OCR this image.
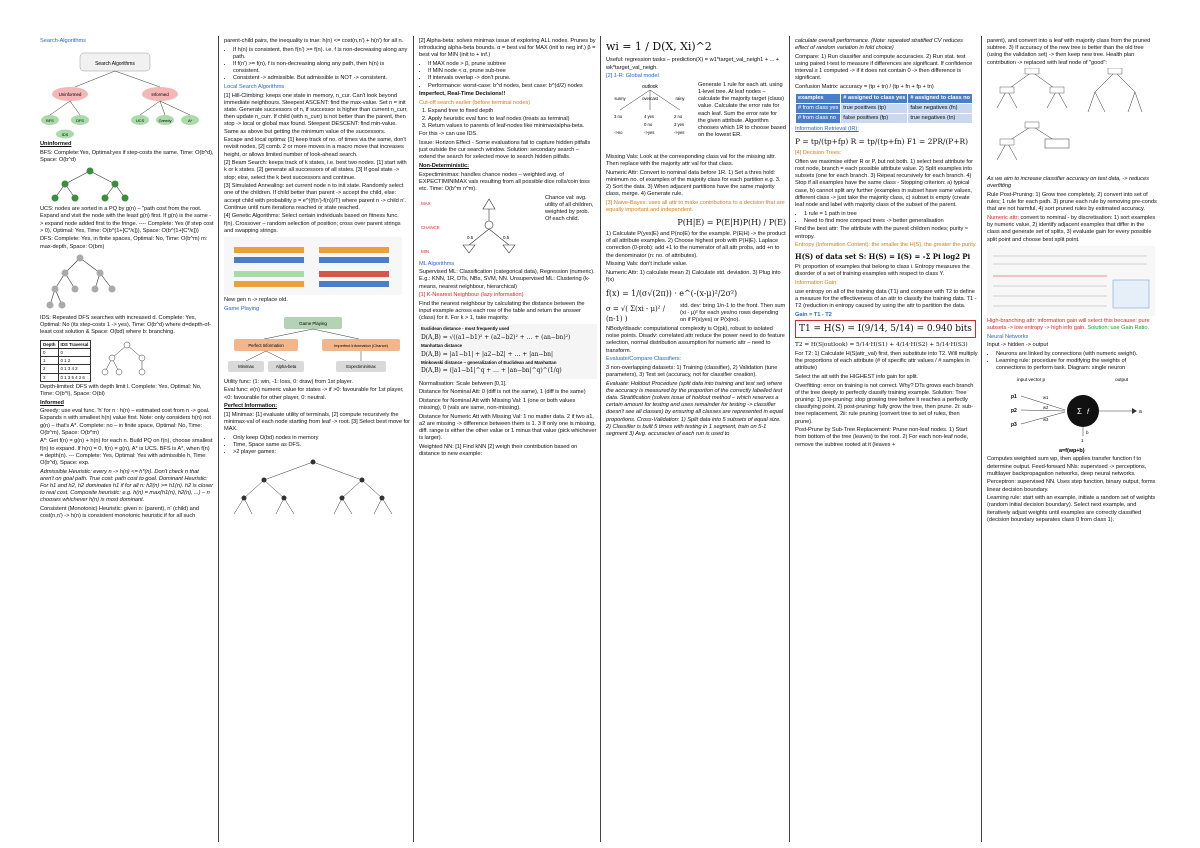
Search-Algorithms

Search Algorithms
Uninformed	Informed
BFS	DFS	UCS	Greedy	A*
IDS

Uninformed

BFS: Complete:Yes, Optimal:yes if step-costs the same. Time: O(b^d), Space: O(b^d)

UCS: nodes are sorted in a PQ by g(n) – "path cost from the root. Expand and visit the node with the least g(n) first. If g(n) is the same -> expand node added first to the fringe. ---- Complete: Yes (if step cost > 0), Optimal: Yes, Time: O(b^(1+[C*/ε])), Space: O(b^(1+[C*/ε]))

DFS: Complete: Yes, in finite spaces, Optimal: No, Time: O(b^m) m: max-depth, Space: O(bm)

IDS: Repeated DFS searches with increased d. Complete: Yes, Optimal: No (its step-costs 1 -> yes), Time: O(b^d) where d=depth-of-least cost solution & Space: O(bd) where b: branching.

Depth	IDS Traversal
0	0
1	0 1 2
2	0 1 3 4 2
3	0 1 3 5 4 2 6

Depth-limited: DFS with depth limit l. Complete: Yes, Optimal: No, Time: O(b^l), Space: O(bl)

Informed

Greedy: use eval func. 'h' for n : h(n) – estimated cost from n -> goal. Expands n with smallest h(n) value first. Note: only considers h(n) not g(n) – that's A*. Complete: no – in finite space, Optimal: No, Time: O(b^m), Space: O(b^m)

A*: Get f(n) = g(n) + h(n) for each n. Build PQ on f(n), choose smallest f(n) to expand. If h(n) = 0, f(n) = g(n), A* is UCS. BFS is A*, when f(n) = depth(n). --- Complete: Yes, Optimal: Yes with admissible h, Time: O(b^d), Space: exp.

Admissible Heuristic: every n -> h(n) <= h*(n). Don't check n that aren't on goal path. True cost: path cost to goal. Dominant Heuristic: For h1 and h2, h2 dominates h1 if for all n: h2(n) >= h1(n). h2 is closer to real cost. Composite heuristic: e.g. h(n) = max(h1(n), h2(n), ...) – n chooses whichever h(n) is most dominant.

Consistent (Monotonic) Heuristic: given n: (parent), n' (child) and cost(n,n') -> h(n) is consistent monotonic heuristic if for all such

parent-child pairs, the inequality is true: h(n) <= cost(n,n') + h(n') for all n.

• If h(n) is consistent, then f(n') >= f(n). i.e. f is non-decreasing along any path.
• If f(n') >= f(n), f is non-decreasing along any path, then h(n) is consistent.
• Consistent -> admissible. But admissible is NOT -> consistent.

Local Search Algorithms

[1] Hill-Climbing: keeps one state in memory, n_cur. Can't look beyond immediate neighbours. Steepest ASCENT: find the max-value. Set n = init state. Generate successors of n, if successor is higher than current n_curr, then update n_curr. If child (with n_curr) is not better than the parent, then stop -> local or global max found. Steepest DESCENT: find min-value. Same as above but getting the minimum value of the successors.

Escape and local optima: [1] keep track of no. of times via the same, don't revisit nodes, [2] comb. 2 or more moves in a macro move that increases height, or allows limited number of look-ahead search.

[2] Beam Search: keeps track of k states, i.e. best two nodes. [1] start with k or k states. [2] generate all successors of all states. [3] If goal state -> stop; else, select the k best successors and continue.

[3] Simulated Annealing: set current node n to init state. Randomly select one of the children. If child better than parent -> accept the child, else: accept child with probability p = e^((f(n')-f(n))/T) where parent n -> child n'. Continue until num iterations reached or state reached.

[4] Genetic Algorithms: Select certain individuals based on fitness func. f(n). Crossover – random selection of position; cross over parent strings and swapping strings.

New gen n -> replace old.

Game Playing

Game Playing
Perfect Information	Imperfect Information (Chance)
Minimax	Alpha-beta	Expectiminimax

Utility func: (1: win, -1: loss, 0: draw) from 1st player.

Eval func: e(n) numeric value for states -> if >0: favourable for 1st player, <0: favourable for other player, 0: neutral.

Perfect Information:

[1] Minimax: [1] evaluate utility of terminals, [2] compute recursively the minimax-val of each node starting from leaf -> root. [3] Select best move for MAX.

• Only keep O(bd) nodes in memory
• Time, Space same as DFS.
• >2 player games:

[2] Alpha-beta: solves minimax issue of exploring ALL nodes. Prunes by introducing alpha-beta bounds. α = best val for MAX (init to neg inf.) β = best val for MIN (init to + inf.)

• If MAX node > β, prune subtree
• If MIN node < α, prune sub-tree
• If intervals overlap -> don't prune.
• Performance: worst-case: b^d nodes, best case: b^(d/2) nodes

Imperfect, Real-Time Decisions!!

Cut-off search earlier (before terminal nodes)

1. Expand tree to fixed depth
2. Apply heuristic eval func to leaf nodes (treats as terminal)
3. Return values to parents of leaf-nodes like minimax/alpha-beta.

For this -> can use IDS.

Issue: Horizon Effect - Some evaluations fail to capture hidden pitfalls just outside the cur search window. Solution: secondary search – extend the search for selected move to search hidden pitfalls.

Non-Deterministic:

Expectiminimax: handles chance nodes – weighted avg. of EXPECTIMINIMAX vals resulting from all possible dice rolls/coin toss etc. Time: O(b^m n^m).

MAX
CHANCE
MIN
0.5	0.5

Chance val: avg. utility of all children, weighted by prob. Of each child.

ML Algorithms

Supervised ML: Classification (categorical data), Regression (numeric). E.g.: KNN, 1R, DTs, NBs, SVM, NN. Unsupervised ML: Clustering (k-means, nearest neighbour, hierarchical)

[1] K-Nearest Neighbour (lazy information)

Find the nearest neighbour by calculating the distance between the input example across each row of the table and return the answer (class) for it. For k > 1, take majority.

Euclidean distance - most frequently used

D(A,B) = √((a1−b1)² + (a2−b2)² + … + (an−bn)²)

Manhattan distance

D(A,B) = |a1−b1| + |a2−b2| + … + |an−bn|

Minkowski distance – generalization of Euclidean and Manhattan

D(A,B) = (|a1−b1|^q + … + |an−bn|^q)^(1/q)

Normalisation: Scale between [0,1].

Distance for Nominal Att: 0 (diff is not the same), 1 (diff is the same)

Distance for Nominal Att with Missing Val: 1 (one or both values missing), 0 (vals are same, non-missing).

Distance for Numeric Att with Missing Val: 1 no matter data. 2 if two a1, a2 are missing -> difference between them is 1. 3 If only one is missing, diff. range is either the other value or 1 minus that value (pick whichever is larger).

Weighted NN: [1] Find kNN [2] weigh their contribution based on distance to new example:

wi = 1 / D(X, Xi)^2

Useful: regression tasks – prediction(X) = w1*target_val_neigh1 + ... + wk*target_val_neigh.

[2] 1-R: Global model

outlook
sunny	overcast	rainy
3 no	4 yes	2 no
3 yes
0 no
->no	->yes	->yes

Generate 1 rule for each att. using 1-level tree. At leaf nodes – calculate the majority target (class) value. Calculate the error rate for each leaf. Sum the error rate for the given attribute. Algorithm chooses which 1R to choose based on the lowest ER.

Missing Vals: Look at the corresponding class val for the missing attr. Then replace with the majority attr val for that class.

Numeric Attr: Convert to nominal data before 1R. 1) Set a thres hold: minimum no. of examples of the majority class for each partition e.g. 3. 2) Sort the data. 3) When adjacent partitions have the same majority class, merge. 4) Generate rule.

[3] Naive-Bayes: uses all attr to make contributions to a decision that are equally important and independent.

P(H|E) = P(E|H)P(H) / P(E)

1) Calculate P(yes|E) and P(no|E) for the example. P(E|H) -> the product of all attribute examples. 2) Choose highest prob with P(H|E). Laplace correction (0-prob): add +1 to the numerator of all attr probs, add +n to the denominator (n: no. of attributes).

Missing Vals: don't include value.

Numeric Attr: 1) calculate mean 2) Calculate std. deviation. 3) Plug into f(x)

f(x) = 1/(σ√(2π)) · e^(-(x-μ)²/2σ²)

σ = √( Σ(xi - μ)² / (n-1) )

std. dev: bring 1/n-1 to the front. Then sum (xi - μ)² for each yes/no rows depending on if P(x|yes) or P(x|no).

NBody/disadv: computational complexity is O(pk), robust to isolated noise points. Disadv: correlated attr reduce the power need to do feature selection, normal distribution assumption for numeric attr – need to transform.

Evaluate/Compare Classifiers:

3 non-overlapping datasets: 1) Training (classifier), 2) Validation (tune parameters), 3) Test set (accuracy, not for classifier creation).

Evaluate: Holdout Procedure (split data into training and test set) where the accuracy is measured by the proportion of the correctly labelled test data. Stratification (solves issue of holdout method – which reserves a certain amount for testing and uses remainder for testing -> classifier doesn't see all classes) by ensuring all classes are represented in equal proportions. Cross-Validation: 1) Split data into 5 subsets of equal size. 2) Classifier is built 5 times with testing in 1 segment, train on 5-1 segment 3) Avg. accuracies of each run is used to

calculate overall performance. (Note: repeated stratified CV reduces effect of random variation in fold choice)

Compare: 1) Run classifier and compute accuracies. 2) Run stat. test using paired t-test to measure if differences are significant. If confidence interval ≥ 1 computed -> if it does not contain 0 -> then difference is significant.

Confusion Matrix: accuracy = (tp + tn) / (tp + fn + fp + tn)

examples	# assigned to class yes	# assigned to class no
# from class yes	true positives (tp)	false negatives (fn)
# from class no	false positives (fp)	true negatives (tn)

Information Retrieval (IR):

P = tp/(tp+fp) R = tp/(tp+fn) F1 = 2PR/(P+R)

[4] Decision Trees:

Often we maximise either R or P, but not both. 1) select best attribute for root node, branch = each possible attribute value. 2) Split examples into subsets (one for each branch. 3) Repeat recursively for each branch. 4) Stop if all examples have the same class - Stopping criterion: a) typical case, b) cannot split any further (examples in subset have same values, different class -> just take the majority class, c) subset is empty (create leaf node and label with majority class of the subset of the parent.

• 1 rule = 1 path in tree
• Need to find more compact trees -> better generalisation

Find the best attr: The attribute with the purest children nodes; purity ≈ entropy.

Entropy (Information Content): the smaller the H(S), the greater the purity.

H(S) of data set S: H(S) = I(S) = -Σ Pi log2 Pi

Pi: proportion of examples that belong to class i. Entropy measures the disorder of a set of training examples with respect to class Y.

Information Gain:

use entropy on all of the training data (T1) and compare with T2 to define a measure for the effectiveness of an attr to classify the training data. T1 - T2 (reduction in entropy caused by using the attr to partition the data.

Gain = T1 - T2

T1 = H(S) = I(9/14, 5/14) = 0.940 bits

T2 = H(S|outlook) = 5/14·H(S1) + 4/14·H(S2) + 5/14·H(S3)

For T2: 1) Calculate H(S|attr_val) first, then substitute into T2. Will multiply the proportions of each attribute (# of specific attr values / # samples in attribute)

Select the att with the HIGHEST info gain for split.

Overfitting: error on training is not correct. Why? DTs grows each branch of the tree deeply to perfectly classify training example. Solution: Tree pruning: 1) pre-pruning: stop growing tree before it reaches a perfectly classifying point. 2) post-pruning: fully grow the tree, then prune. 2i: sub-tree replacement, 2ii: rule pruning (convert tree to set of rules, then prune).

Post-Prune by Sub-Tree Replacement: Prune non-leaf nodes. 1) Start from bottom of the tree (leaves) to the root. 2) For each non-leaf node, remove the subtree rooted at it (leaves +

parent), and convert into a leaf with majority class from the pruned subtree. 3) If accuracy of the new tree is better than the old tree (using the validation set) -> then keep new tree. Health plan contribution -> replaced with leaf node of "good":

As we aim to increase classifier accuracy on test data, -> reduces overfitting

Rule Post-Pruning: 1) Grow tree completely, 2) convert into set of rules; 1 rule for each path. 3) prune each rule by removing pre-conds that are not harmful, 4) sort pruned rules by estimated accuracy.

Numeric attr: convert to nominal - by discretisation: 1) sort examples by numeric value, 2) identify adjacent examples that differ in the class and generate set of splits, 3) evaluate gain for every possible split point and choose best split point.

High-branching attr: information gain will select this because: pure subsets -> low entropy -> high info gain. Solution: use Gain Ratio.

Neural Networks

Input -> hidden -> output

• Neurons are linked by connections (with numeric weight).
• Learning rule: procedure for modifying the weights of connections to perform task. Diagram: single neuron
input vector p	output
p1
p2
p3
w1
w2
w3
Σ f	a
b
1
a=f(wp+b)

Computes weighted sum wp, then applies transfer function f to determine output. Feed-forward NNs: supervised -> perceptions, multilayer backpropagation networks, deep neural networks.

Perceptron: supervised NN. Uses step function, binary output, forms linear decision boundary.

Learning rule: start with an example, initiate a random set of weights (random initial decision boundary). Select next example, and iteratively adjust weights until examples are correctly classified (decision boundary separates class 0 from class 1).
